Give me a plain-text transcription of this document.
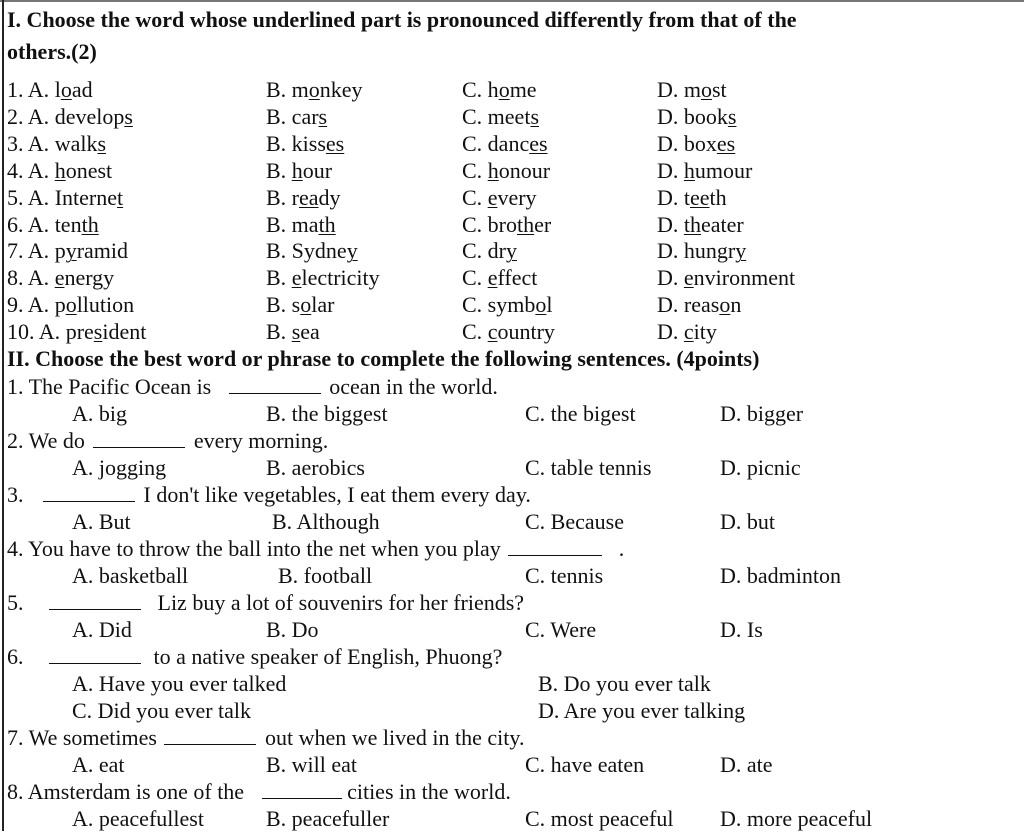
I. Choose the word whose underlined part is pronounced differently from that of the
others.(2)
1. A. load	B. monkey	C. home	D. most
2. A. develops	B. cars	C. meets	D. books
3. A. walks	B. kisses	C. dances	D. boxes
4. A. honest	B. hour	C. honour	D. humour
5. A. Internet	B. ready	C. every	D. teeth
6. A. tenth	B. math	C. brother	D. theater
7. A. pyramid	B. Sydney	C. dry	D. hungry
8. A. energy	B. electricity	C. effect	D. environment
9. A. pollution	B. solar	C. symbol	D. reason
10. A. president	B. sea	C. country	D. city
II. Choose the best word or phrase to complete the following sentences. (4points)
1. The Pacific Ocean is	ocean in the world.
A. big	B. the biggest	C. the bigest	D. bigger
2. We do	every morning.
A. jogging	B. aerobics	C. table tennis	D. picnic
3.	I don't like vegetables, I eat them every day.
A. But	B. Although	C. Because	D. but
4. You have to throw the ball into the net when you play	.
A. basketball	B. football	C. tennis	D. badminton
5.	Liz buy a lot of souvenirs for her friends?
A. Did	B. Do	C. Were	D. Is
6.	to a native speaker of English, Phuong?
A. Have you ever talked	B. Do you ever talk
C. Did you ever talk	D. Are you ever talking
7. We sometimes	out when we lived in the city.
A. eat	B. will eat	C. have eaten	D. ate
8. Amsterdam is one of the	cities in the world.
A. peacefullest	B. peacefuller	C. most peaceful D. more peaceful
